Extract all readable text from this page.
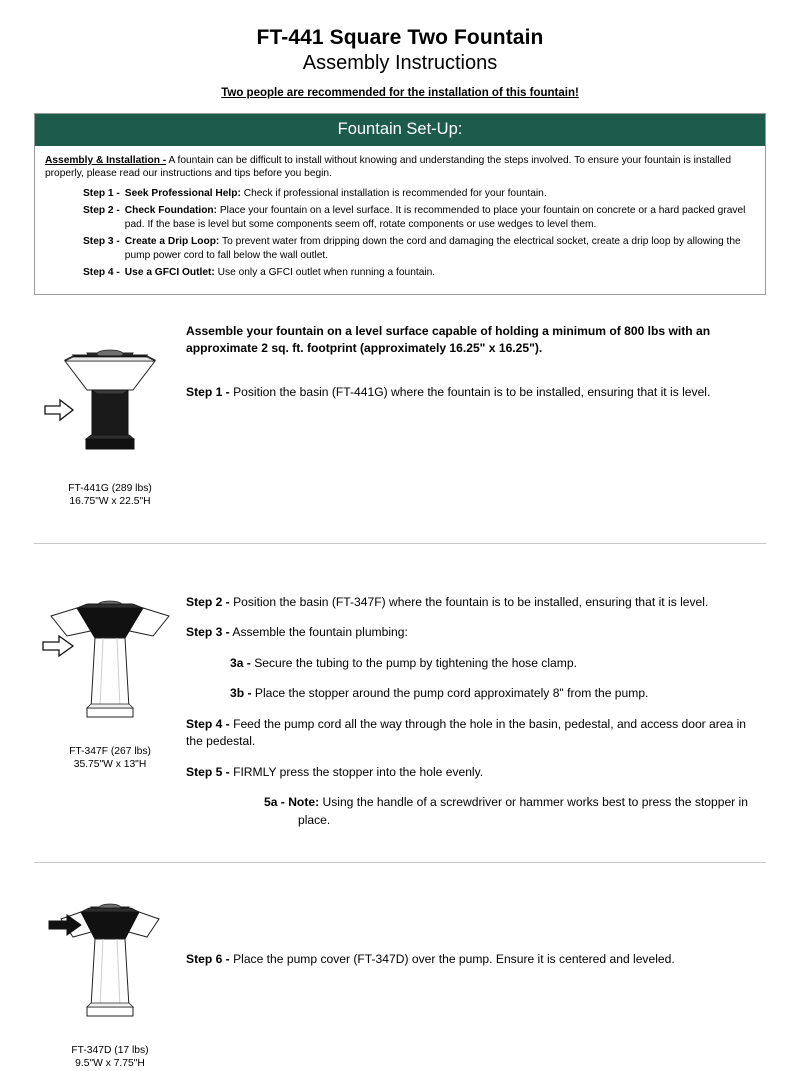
FT-441 Square Two Fountain
Assembly Instructions
Two people are recommended for the installation of this fountain!
Fountain Set-Up:
Assembly & Installation - A fountain can be difficult to install without knowing and understanding the steps involved. To ensure your fountain is installed properly, please read our instructions and tips before you begin.
Step 1 - Seek Professional Help: Check if professional installation is recommended for your fountain.
Step 2 - Check Foundation: Place your fountain on a level surface. It is recommended to place your fountain on concrete or a hard packed gravel pad. If the base is level but some components seem off, rotate components or use wedges to level them.
Step 3 - Create a Drip Loop: To prevent water from dripping down the cord and damaging the electrical socket, create a drip loop by allowing the pump power cord to fall below the wall outlet.
Step 4 - Use a GFCI Outlet: Use only a GFCI outlet when running a fountain.
FT-441G (289 lbs)
16.75"W x 22.5"H

Assemble your fountain on a level surface capable of holding a minimum of 800 lbs with an approximate 2 sq. ft. footprint (approximately 16.25" x 16.25").

Step 1 - Position the basin (FT-441G) where the fountain is to be installed, ensuring that it is level.

FT-347F (267 lbs)
35.75"W x 13"H

Step 2 - Position the basin (FT-347F) where the fountain is to be installed, ensuring that it is level.

Step 3 - Assemble the fountain plumbing:

3a - Secure the tubing to the pump by tightening the hose clamp.

3b - Place the stopper around the pump cord approximately 8" from the pump.

Step 4 - Feed the pump cord all the way through the hole in the basin, pedestal, and access door area in the pedestal.

Step 5 - FIRMLY press the stopper into the hole evenly.

5a - Note: Using the handle of a screwdriver or hammer works best to press the stopper in
place.

FT-347D (17 lbs)
9.5"W x 7.75"H

Step 6 - Place the pump cover (FT-347D) over the pump. Ensure it is centered and leveled.
